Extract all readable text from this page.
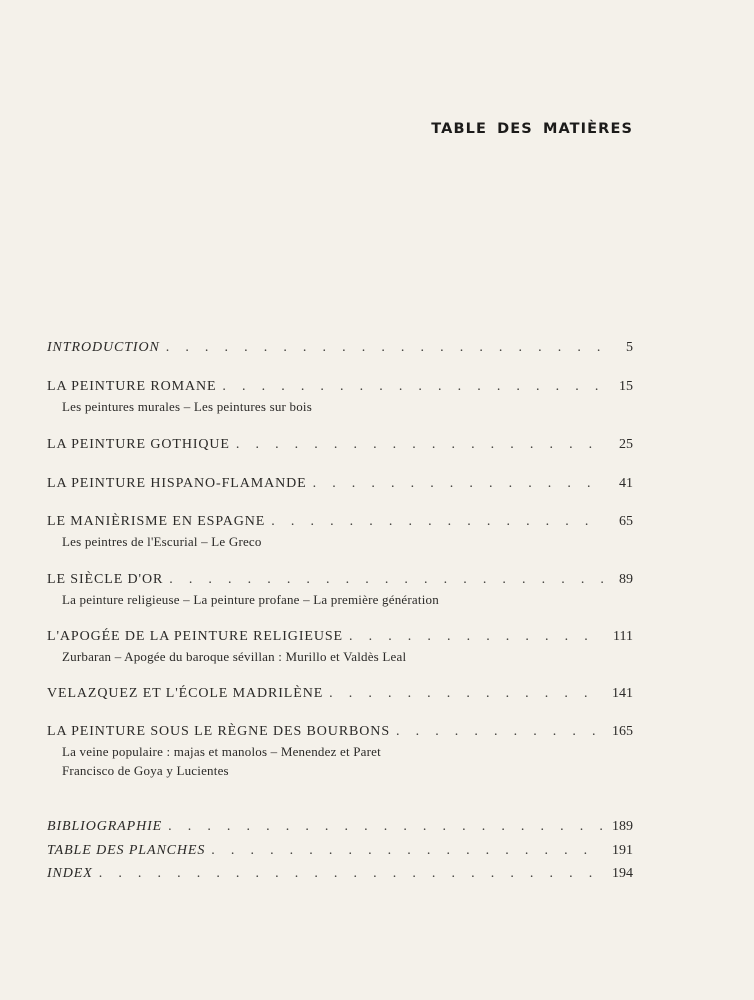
TABLE DES MATIÈRES
INTRODUCTION . . .	5
LA PEINTURE ROMANE . . .	15
Les peintures murales – Les peintures sur bois
LA PEINTURE GOTHIQUE . . .	25
LA PEINTURE HISPANO-FLAMANDE . . .	41
LE MANIÈRISME EN ESPAGNE . . .	65
Les peintres de l'Escurial – Le Greco
LE SIÈCLE D'OR . . .	89
La peinture religieuse – La peinture profane – La première génération
L'APOGÉE DE LA PEINTURE RELIGIEUSE . . .	111
Zurbaran – Apogée du baroque sévillan : Murillo et Valdès Leal
VELAZQUEZ ET L'ÉCOLE MADRILÈNE . . .	141
LA PEINTURE SOUS LE RÈGNE DES BOURBONS . . .	165
La veine populaire : majas et manolos – Menendez et Paret
Francisco de Goya y Lucientes
BIBLIOGRAPHIE . . .	189
TABLE DES PLANCHES . . .	191
INDEX . . .	194
